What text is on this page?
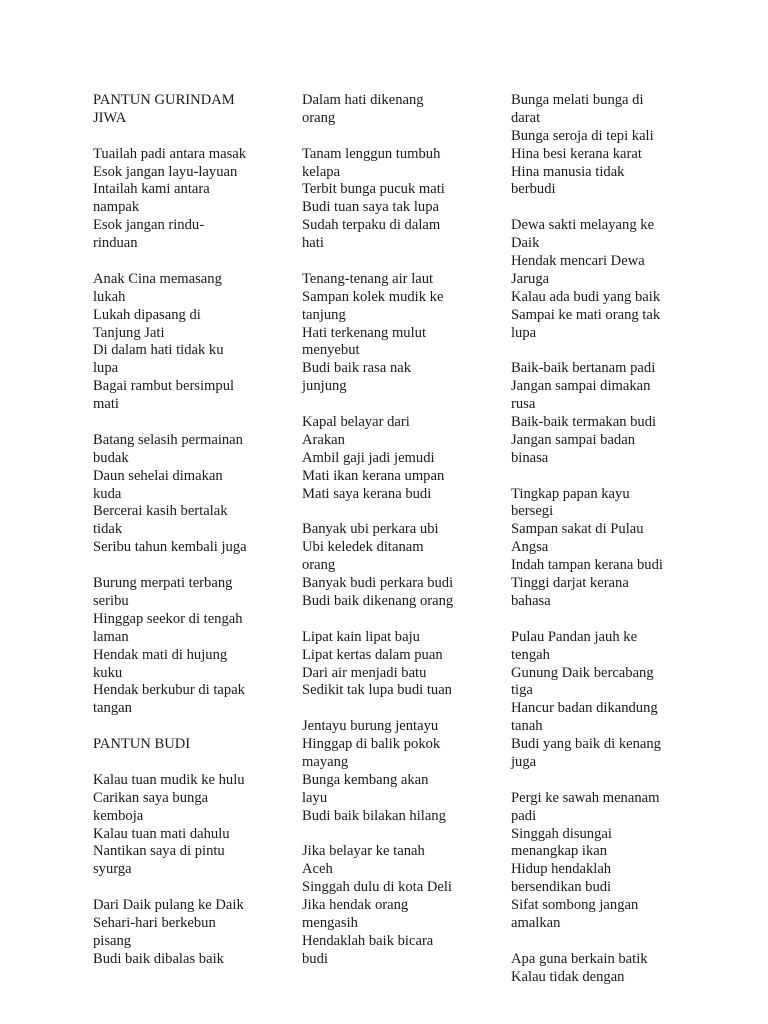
PANTUN GURINDAM
JIWA
Tuailah padi antara masak
Esok jangan layu-layuan
Intailah kami antara
nampak
Esok jangan rindu-
rinduan
Anak Cina memasang
lukah
Lukah dipasang di
Tanjung Jati
Di dalam hati tidak ku
lupa
Bagai rambut bersimpul
mati
Batang selasih permainan
budak
Daun sehelai dimakan
kuda
Bercerai kasih bertalak
tidak
Seribu tahun kembali juga
Burung merpati terbang
seribu
Hinggap seekor di tengah
laman
Hendak mati di hujung
kuku
Hendak berkubur di tapak
tangan
PANTUN BUDI
Kalau tuan mudik ke hulu
Carikan saya bunga
kemboja
Kalau tuan mati dahulu
Nantikan saya di pintu
syurga
Dari Daik pulang ke Daik
Sehari-hari berkebun
pisang
Budi baik dibalas baik
Dalam hati dikenang
orang
Tanam lenggun tumbuh
kelapa
Terbit bunga pucuk mati
Budi tuan saya tak lupa
Sudah terpaku di dalam
hati
Tenang-tenang air laut
Sampan kolek mudik ke
tanjung
Hati terkenang mulut
menyebut
Budi baik rasa nak
junjung
Kapal belayar dari
Arakan
Ambil gaji jadi jemudi
Mati ikan kerana umpan
Mati saya kerana budi
Banyak ubi perkara ubi
Ubi keledek ditanam
orang
Banyak budi perkara budi
Budi baik dikenang orang
Lipat kain lipat baju
Lipat kertas dalam puan
Dari air menjadi batu
Sedikit tak lupa budi tuan
Jentayu burung jentayu
Hinggap di balik pokok
mayang
Bunga kembang akan
layu
Budi baik bilakan hilang
Jika belayar ke tanah
Aceh
Singgah dulu di kota Deli
Jika hendak orang
mengasih
Hendaklah baik bicara
budi
Bunga melati bunga di
darat
Bunga seroja di tepi kali
Hina besi kerana karat
Hina manusia tidak
berbudi
Dewa sakti melayang ke
Daik
Hendak mencari Dewa
Jaruga
Kalau ada budi yang baik
Sampai ke mati orang tak
lupa
Baik-baik bertanam padi
Jangan sampai dimakan
rusa
Baik-baik termakan budi
Jangan sampai badan
binasa
Tingkap papan kayu
bersegi
Sampan sakat di Pulau
Angsa
Indah tampan kerana budi
Tinggi darjat kerana
bahasa
Pulau Pandan jauh ke
tengah
Gunung Daik bercabang
tiga
Hancur badan dikandung
tanah
Budi yang baik di kenang
juga
Pergi ke sawah menanam
padi
Singgah disungai
menangkap ikan
Hidup hendaklah
bersendikan budi
Sifat sombong jangan
amalkan
Apa guna berkain batik
Kalau tidak dengan
